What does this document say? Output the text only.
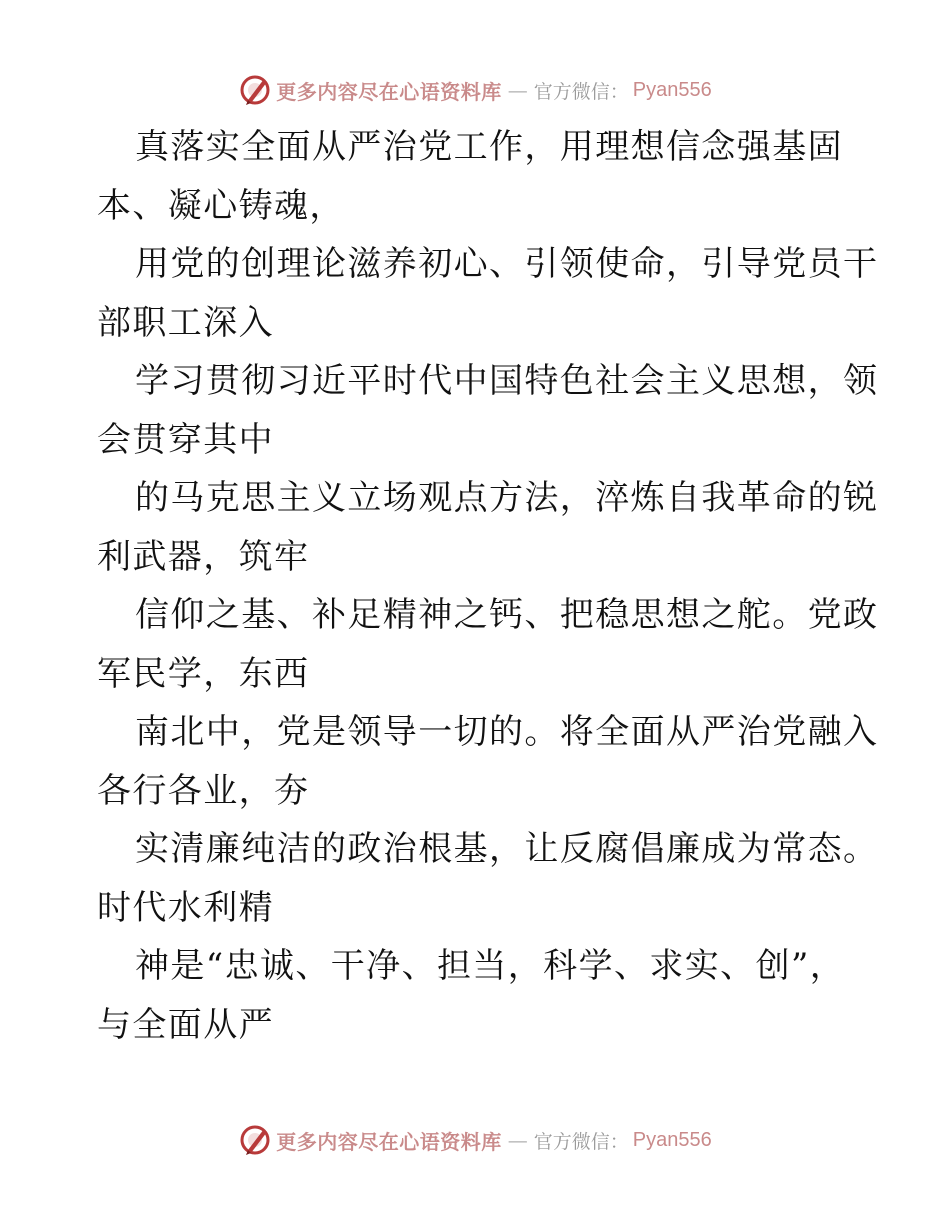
更多内容尽在心语资料库 — 官方微信： Pyan556
真落实全面从严治党工作，用理想信念强基固
本、凝心铸魂，
用党的创理论滋养初心、引领使命，引导党员干
部职工深入
学习贯彻习近平时代中国特色社会主义思想，领
会贯穿其中
的马克思主义立场观点方法，淬炼自我革命的锐
利武器，筑牢
信仰之基、补足精神之钙、把稳思想之舵。党政
军民学，东西
南北中，党是领导一切的。将全面从严治党融入
各行各业，夯
实清廉纯洁的政治根基，让反腐倡廉成为常态。
时代水利精
神是“忠诚、干净、担当，科学、求实、创”，
与全面从严
更多内容尽在心语资料库 — 官方微信： Pyan556
